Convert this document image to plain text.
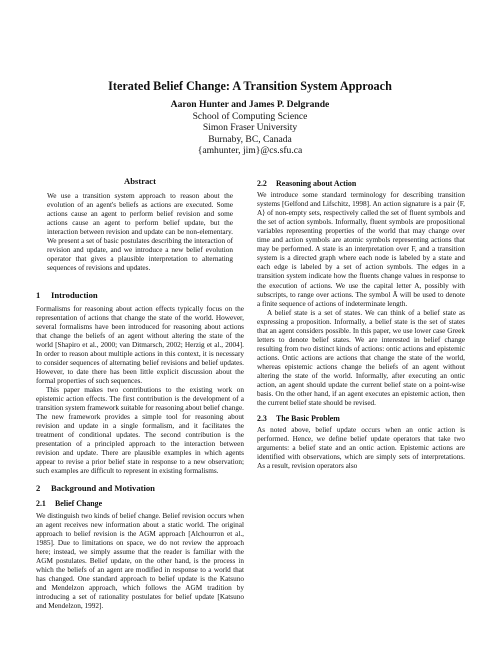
Iterated Belief Change: A Transition System Approach
Aaron Hunter and James P. Delgrande
School of Computing Science
Simon Fraser University
Burnaby, BC, Canada
{amhunter, jim}@cs.sfu.ca
Abstract

We use a transition system approach to reason about the evolution of an agent's beliefs as actions are executed. Some actions cause an agent to perform belief revision and some actions cause an agent to perform belief update, but the interaction between revision and update can be non-elementary. We present a set of basic postulates describing the interaction of revision and update, and we introduce a new belief evolution operator that gives a plausible interpretation to alternating sequences of revisions and updates.

1 Introduction

Formalisms for reasoning about action effects typically focus on the representation of actions that change the state of the world. However, several formalisms have been introduced for reasoning about actions that change the beliefs of an agent without altering the state of the world [Shapiro et al., 2000; van Ditmarsch, 2002; Herzig et al., 2004]. In order to reason about multiple actions in this context, it is necessary to consider sequences of alternating belief revisions and belief updates. However, to date there has been little explicit discussion about the formal properties of such sequences.

This paper makes two contributions to the existing work on epistemic action effects. The first contribution is the development of a transition system framework suitable for reasoning about belief change. The new framework provides a simple tool for reasoning about revision and update in a single formalism, and it facilitates the treatment of conditional updates. The second contribution is the presentation of a principled approach to the interaction between revision and update. There are plausible examples in which agents appear to revise a prior belief state in response to a new observation; such examples are difficult to represent in existing formalisms.

2 Background and Motivation
2.1 Belief Change

We distinguish two kinds of belief change. Belief revision occurs when an agent receives new information about a static world. The original approach to belief revision is the AGM approach [Alchourron et al., 1985]. Due to limitations on space, we do not review the approach here; instead, we simply assume that the reader is familiar with the AGM postulates. Belief update, on the other hand, is the process in which the beliefs of an agent are modified in response to a world that has changed. One standard approach to belief update is the Katsuno and Mendelzon approach, which follows the AGM tradition by introducing a set of rationality postulates for belief update [Katsuno and Mendelzon, 1992].

2.2 Reasoning about Action

We introduce some standard terminology for describing transition systems [Gelfond and Lifschitz, 1998]. An action signature is a pair ⟨F, A⟩ of non-empty sets, respectively called the set of fluent symbols and the set of action symbols. Informally, fluent symbols are propositional variables representing properties of the world that may change over time and action symbols are atomic symbols representing actions that may be performed. A state is an interpretation over F, and a transition system is a directed graph where each node is labeled by a state and each edge is labeled by a set of action symbols. The edges in a transition system indicate how the fluents change values in response to the execution of actions. We use the capital letter A, possibly with subscripts, to range over actions. The symbol Ā will be used to denote a finite sequence of actions of indeterminate length.

A belief state is a set of states. We can think of a belief state as expressing a proposition. Informally, a belief state is the set of states that an agent considers possible. In this paper, we use lower case Greek letters to denote belief states. We are interested in belief change resulting from two distinct kinds of actions: ontic actions and epistemic actions. Ontic actions are actions that change the state of the world, whereas epistemic actions change the beliefs of an agent without altering the state of the world. Informally, after executing an ontic action, an agent should update the current belief state on a point-wise basis. On the other hand, if an agent executes an epistemic action, then the current belief state should be revised.

2.3 The Basic Problem

As noted above, belief update occurs when an ontic action is performed. Hence, we define belief update operators that take two arguments: a belief state and an ontic action. Epistemic actions are identified with observations, which are simply sets of interpretations. As a result, revision operators also
